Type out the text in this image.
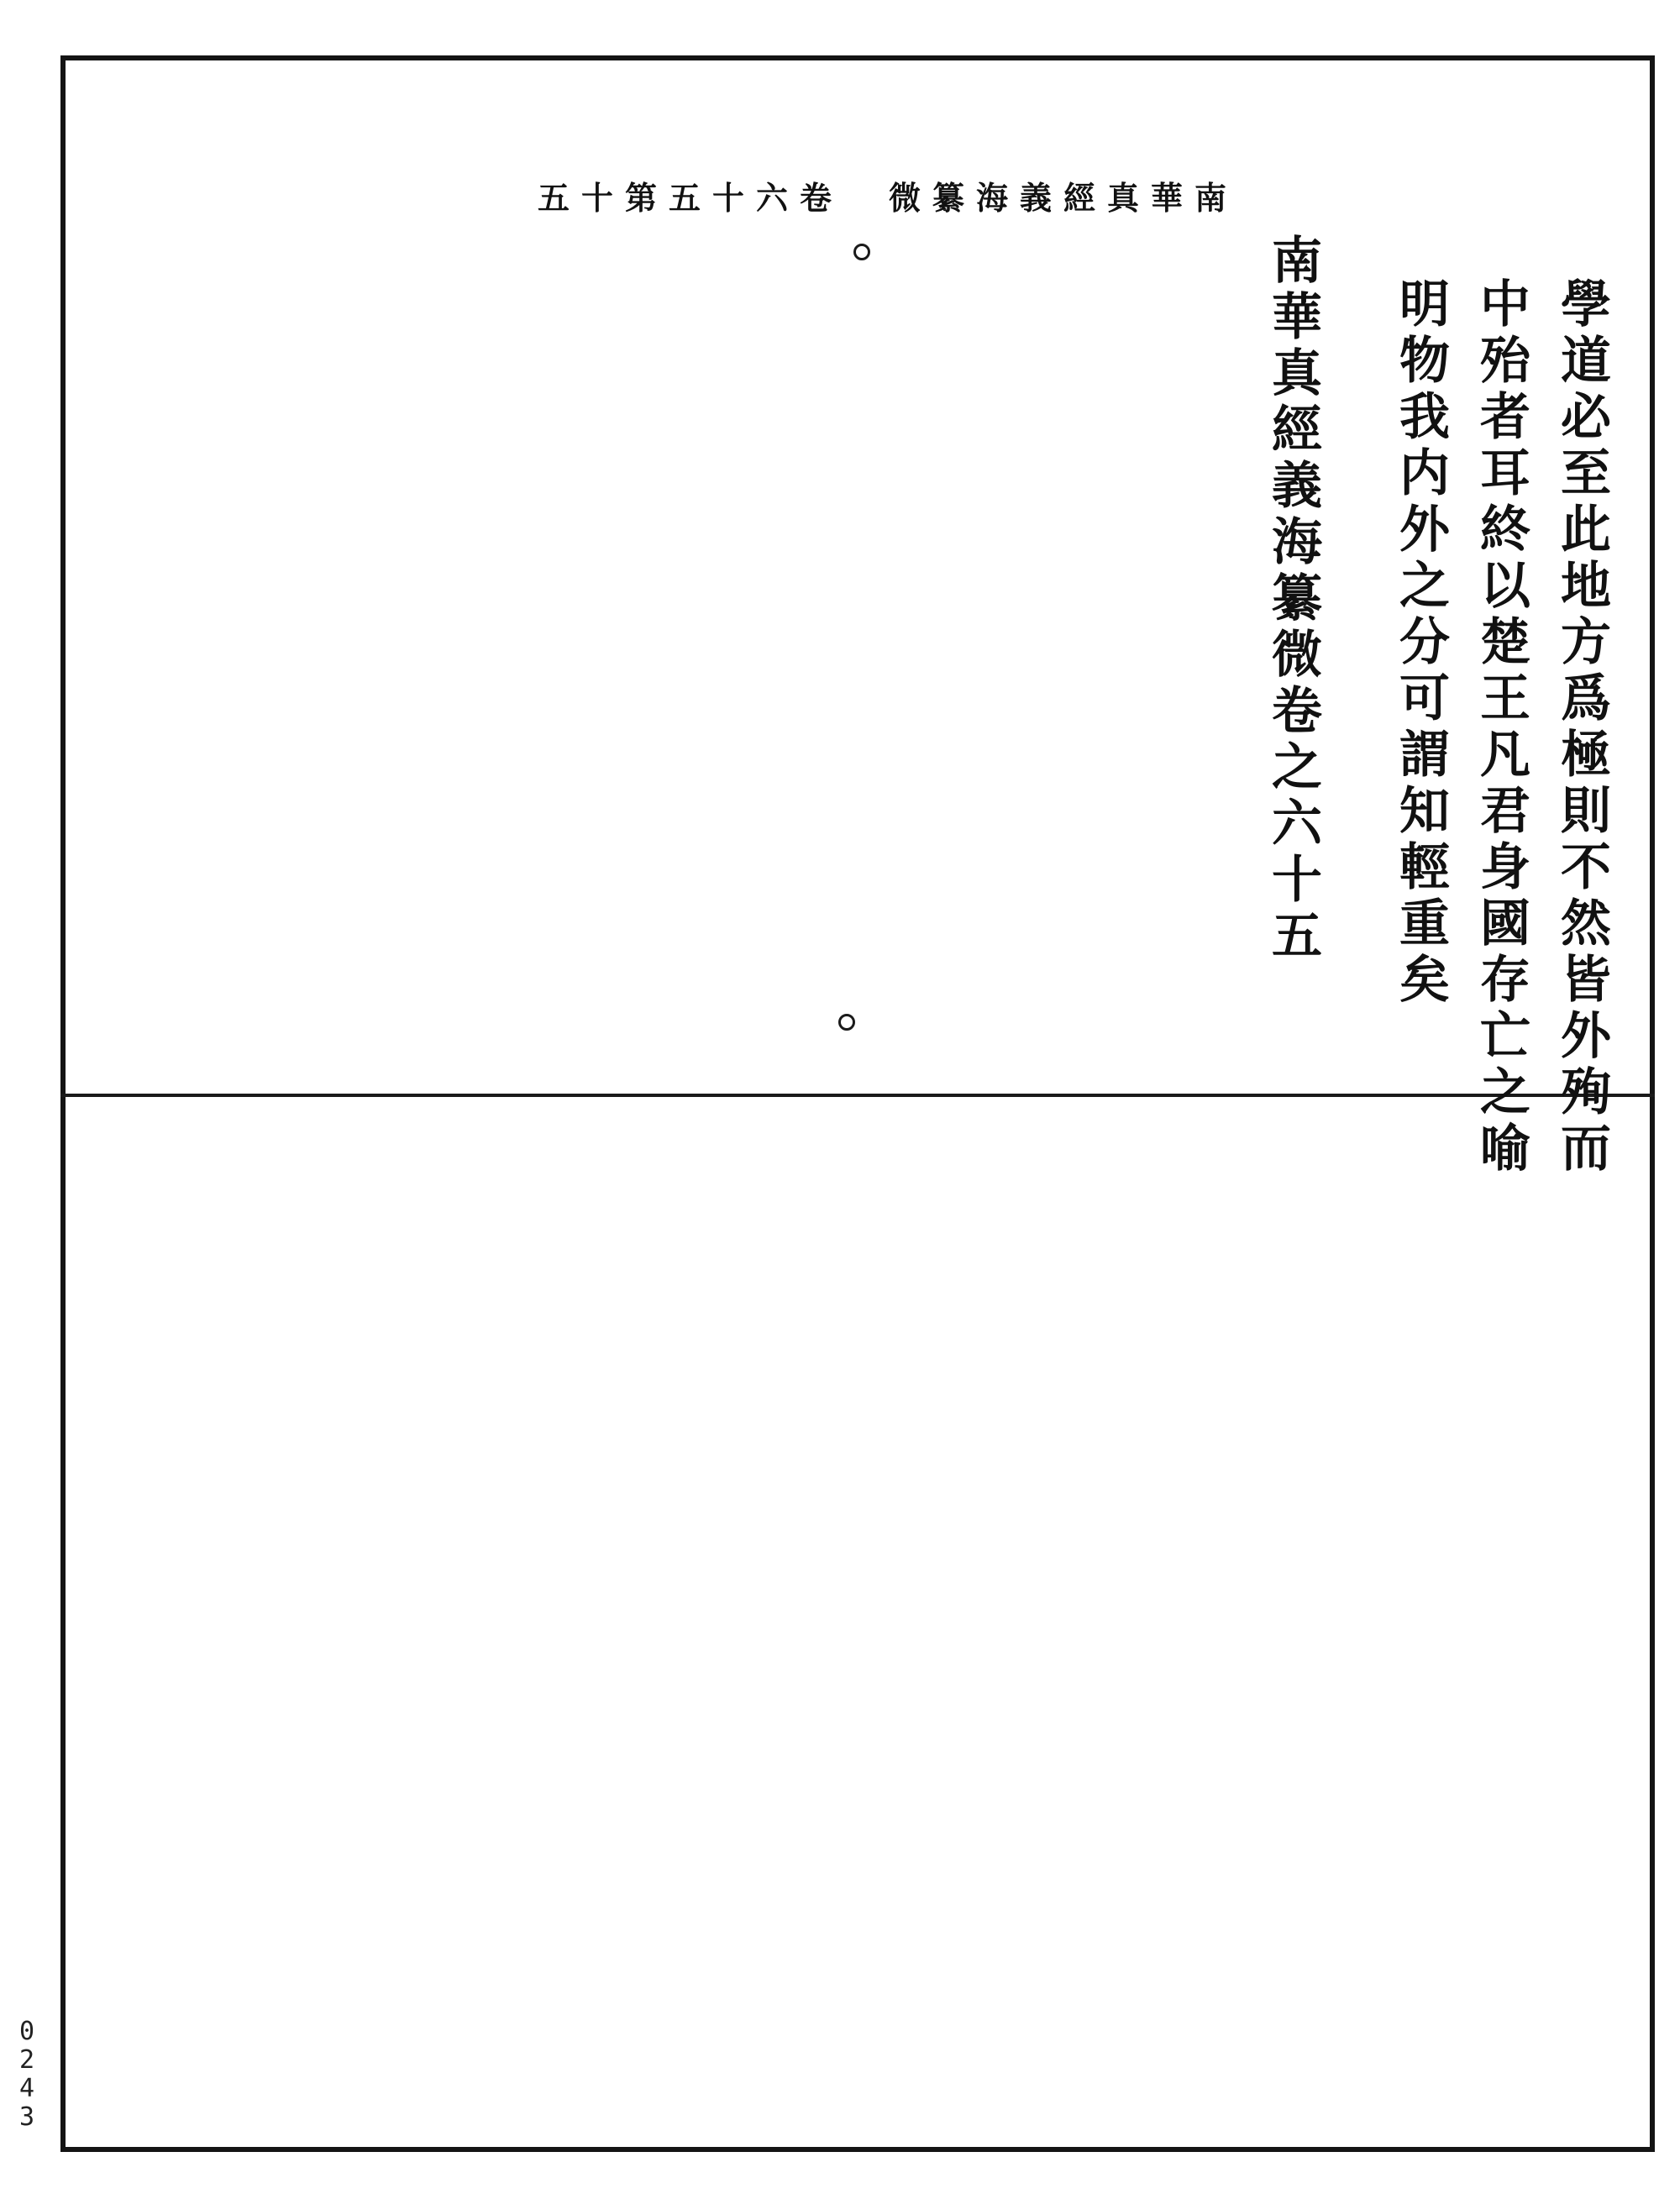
五十第五十六卷 微纂海義經真華南
學道必至此地方爲極則不然皆外殉而
中殆者耳終以楚王凡君身國存亡之喻
明物我内外之分可謂知輕重矣
南華真經義海纂微卷之六十五
0243
